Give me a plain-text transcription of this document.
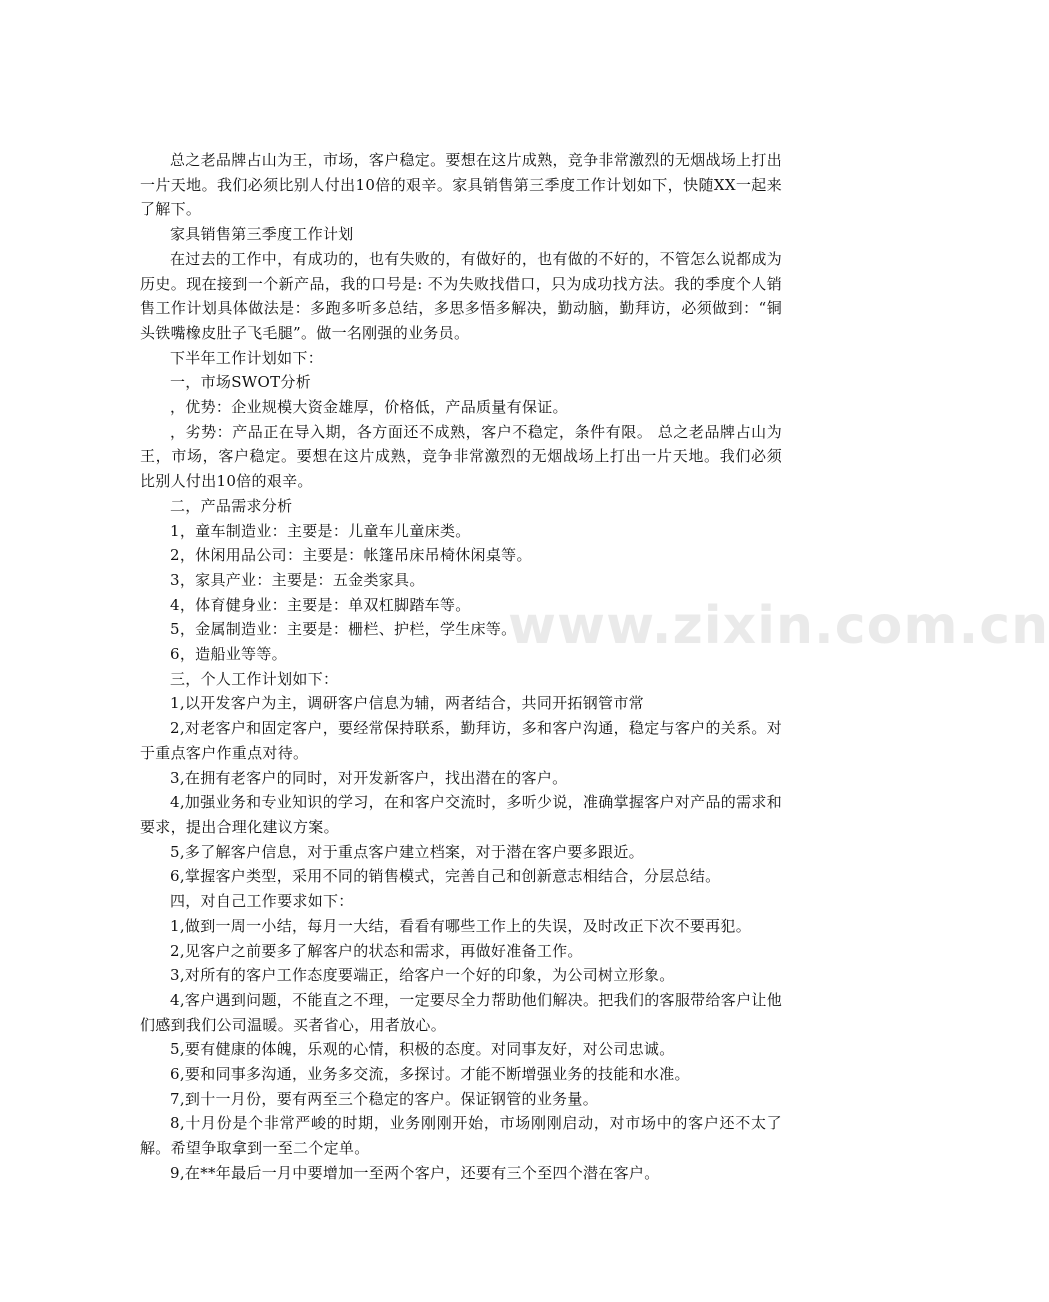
总之老品牌占山为王，市场，客户稳定。要想在这片成熟，竞争非常激烈的无烟战场上打出一片天地。我们必须比别人付出10倍的艰辛。家具销售第三季度工作计划如下，快随XX一起来了解下。

家具销售第三季度工作计划

在过去的工作中，有成功的，也有失败的，有做好的，也有做的不好的，不管怎么说都成为历史。现在接到一个新产品，我的口号是: 不为失败找借口，只为成功找方法。我的季度个人销售工作计划具体做法是：多跑多听多总结，多思多悟多解决，勤动脑，勤拜访，必须做到：“铜头铁嘴橡皮肚子飞毛腿”。做一名刚强的业务员。

下半年工作计划如下：

一，市场SWOT分析

，优势：企业规模大资金雄厚，价格低，产品质量有保证。

，劣势：产品正在导入期，各方面还不成熟，客户不稳定，条件有限。 总之老品牌占山为王，市场，客户稳定。要想在这片成熟，竞争非常激烈的无烟战场上打出一片天地。我们必须比别人付出10倍的艰辛。

二，产品需求分析

1，童车制造业：主要是：儿童车儿童床类。

2，休闲用品公司：主要是：帐篷吊床吊椅休闲桌等。

3，家具产业：主要是：五金类家具。

4，体育健身业：主要是：单双杠脚踏车等。

5，金属制造业：主要是：栅栏、护栏，学生床等。

6，造船业等等。

三，个人工作计划如下：

1,以开发客户为主，调研客户信息为辅，两者结合，共同开拓钢管市常

2,对老客户和固定客户，要经常保持联系，勤拜访，多和客户沟通，稳定与客户的关系。对于重点客户作重点对待。

3,在拥有老客户的同时，对开发新客户，找出潜在的客户。

4,加强业务和专业知识的学习，在和客户交流时，多听少说，准确掌握客户对产品的需求和要求，提出合理化建议方案。

5,多了解客户信息，对于重点客户建立档案，对于潜在客户要多跟近。

6,掌握客户类型，采用不同的销售模式，完善自己和创新意志相结合，分层总结。

四，对自己工作要求如下：

1,做到一周一小结，每月一大结，看看有哪些工作上的失误，及时改正下次不要再犯。

2,见客户之前要多了解客户的状态和需求，再做好准备工作。

3,对所有的客户工作态度要端正，给客户一个好的印象，为公司树立形象。

4,客户遇到问题，不能直之不理，一定要尽全力帮助他们解决。把我们的客服带给客户让他们感到我们公司温暖。买者省心，用者放心。

5,要有健康的体魄，乐观的心情，积极的态度。对同事友好，对公司忠诚。

6,要和同事多沟通，业务多交流，多探讨。才能不断增强业务的技能和水准。

7,到十一月份，要有两至三个稳定的客户。保证钢管的业务量。

8,十月份是个非常严峻的时期，业务刚刚开始，市场刚刚启动，对市场中的客户还不太了解。希望争取拿到一至二个定单。

9,在**年最后一月中要增加一至两个客户，还要有三个至四个潜在客户。

www.zixin.com.cn
